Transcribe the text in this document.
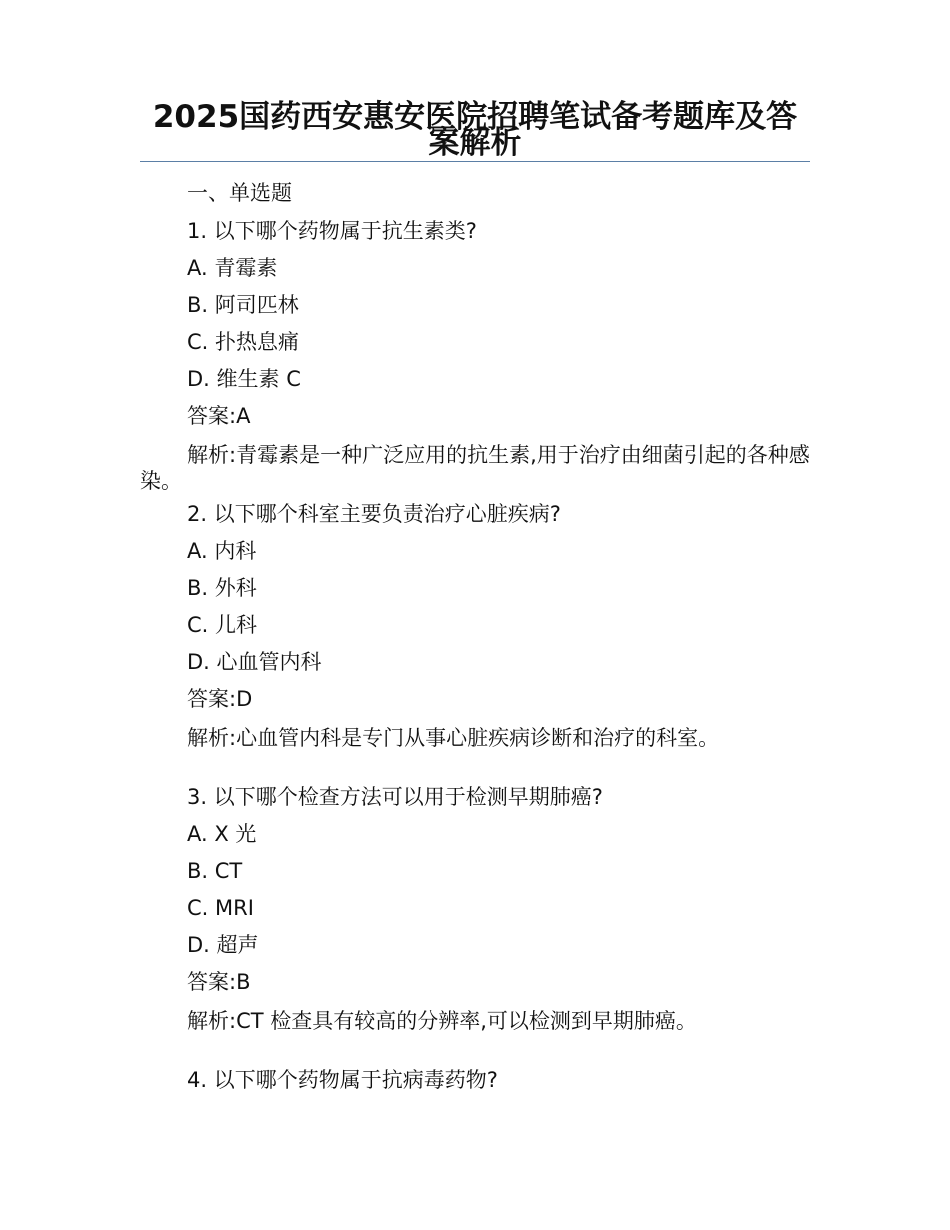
2025国药西安惠安医院招聘笔试备考题库及答案解析
一、单选题
1. 以下哪个药物属于抗生素类?
A. 青霉素
B. 阿司匹林
C. 扑热息痛
D. 维生素 C
答案:A
解析:青霉素是一种广泛应用的抗生素,用于治疗由细菌引起的各种感染。
2. 以下哪个科室主要负责治疗心脏疾病?
A. 内科
B. 外科
C. 儿科
D. 心血管内科
答案:D
解析:心血管内科是专门从事心脏疾病诊断和治疗的科室。
3. 以下哪个检查方法可以用于检测早期肺癌?
A. X 光
B. CT
C. MRI
D. 超声
答案:B
解析:CT 检查具有较高的分辨率,可以检测到早期肺癌。
4. 以下哪个药物属于抗病毒药物?
